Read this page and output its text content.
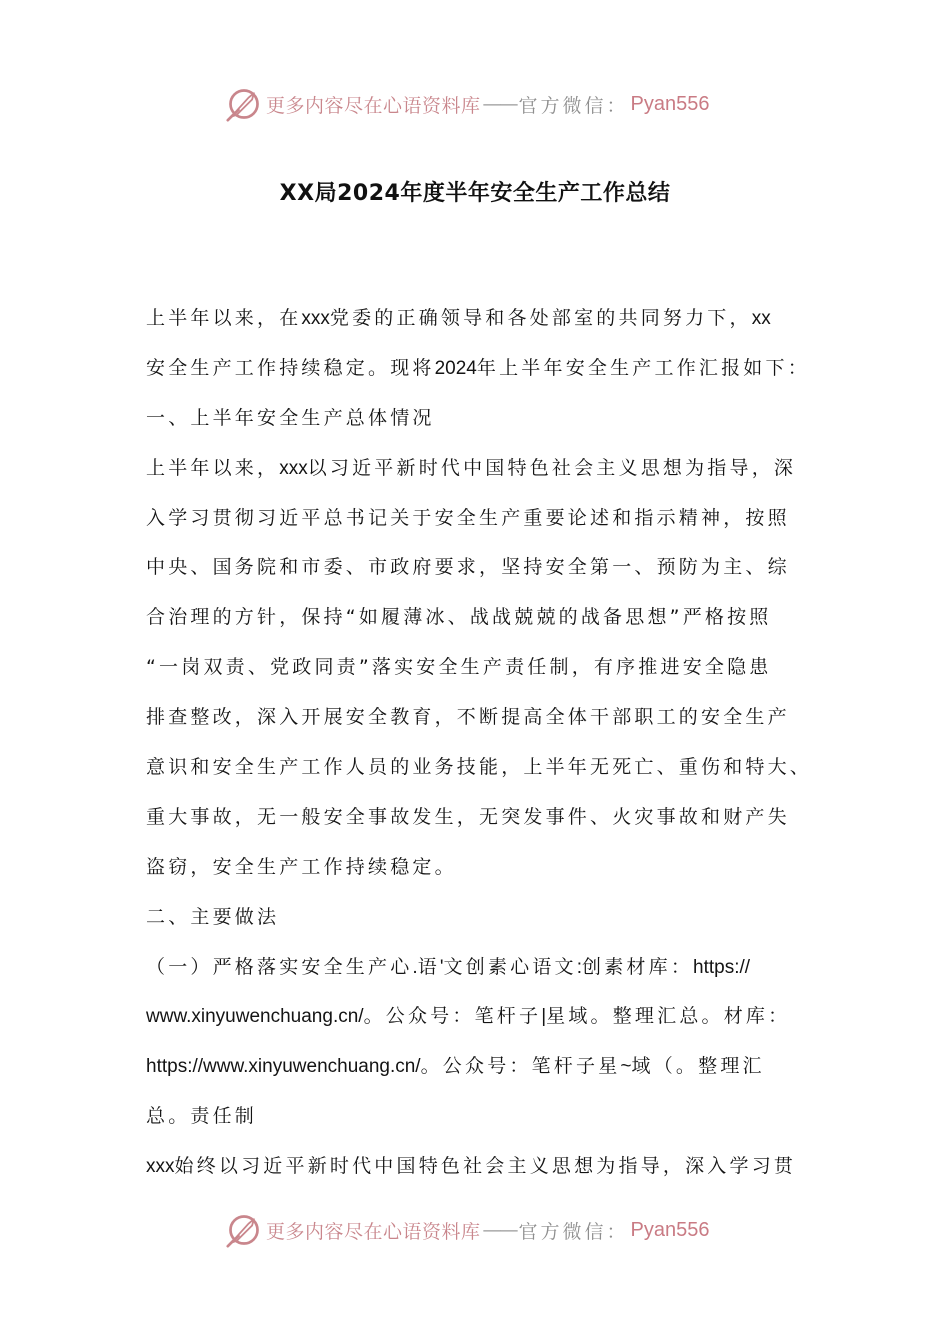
更多内容尽在心语资料库 —— 官方微信： Pyan556
XX局2024年度半年安全生产工作总结
上半年以来，在xxx党委的正确领导和各处部室的共同努力下，xx
安全生产工作持续稳定。现将2024年上半年安全生产工作汇报如下：
一、上半年安全生产总体情况
上半年以来，xxx以习近平新时代中国特色社会主义思想为指导，深
入学习贯彻习近平总书记关于安全生产重要论述和指示精神，按照
中央、国务院和市委、市政府要求，坚持安全第一、预防为主、综
合治理的方针，保持“如履薄冰、战战兢兢的战备思想”严格按照
“一岗双责、党政同责”落实安全生产责任制，有序推进安全隐患
排查整改，深入开展安全教育，不断提高全体干部职工的安全生产
意识和安全生产工作人员的业务技能，上半年无死亡、重伤和特大、
重大事故，无一般安全事故发生，无突发事件、火灾事故和财产失
盗窃，安全生产工作持续稳定。
二、主要做法
（一）严格落实安全生产心.语'文创素心语文:创素材库：https://
www.xinyuwenchuang.cn/。公众号：笔杆子|星域。整理汇总。材库：
https://www.xinyuwenchuang.cn/。公众号：笔杆子星~域（。整理汇
总。责任制
xxx始终以习近平新时代中国特色社会主义思想为指导，深入学习贯
更多内容尽在心语资料库 —— 官方微信： Pyan556
